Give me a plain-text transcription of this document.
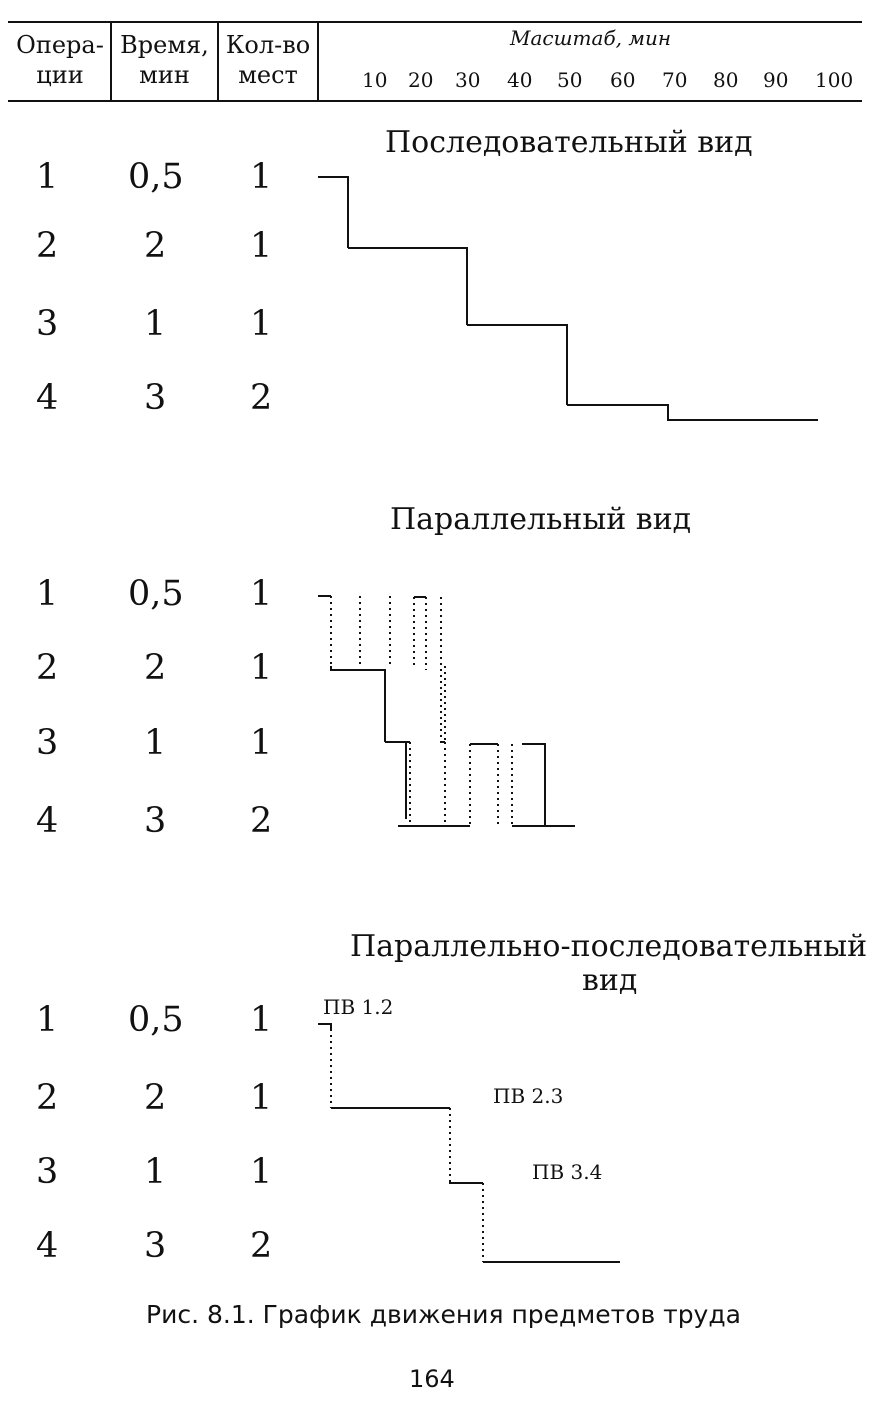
Опера-
ции
Время,
мин
Кол-во
мест
Масштаб, мин
10 20 30 40 50 60 70 80 90 100
Последовательный вид
Параллельный вид
Параллельно-последовательный
вид
ПВ 1.2
ПВ 2.3
ПВ 3.4
1 0,5 1
2 2 1
3 1 1
4 3 2
1 0,5 1
2 2 1
3 1 1
4 3 2
1 0,5 1
2 2 1
3 1 1
4 3 2
Рис. 8.1. График движения предметов труда
164
